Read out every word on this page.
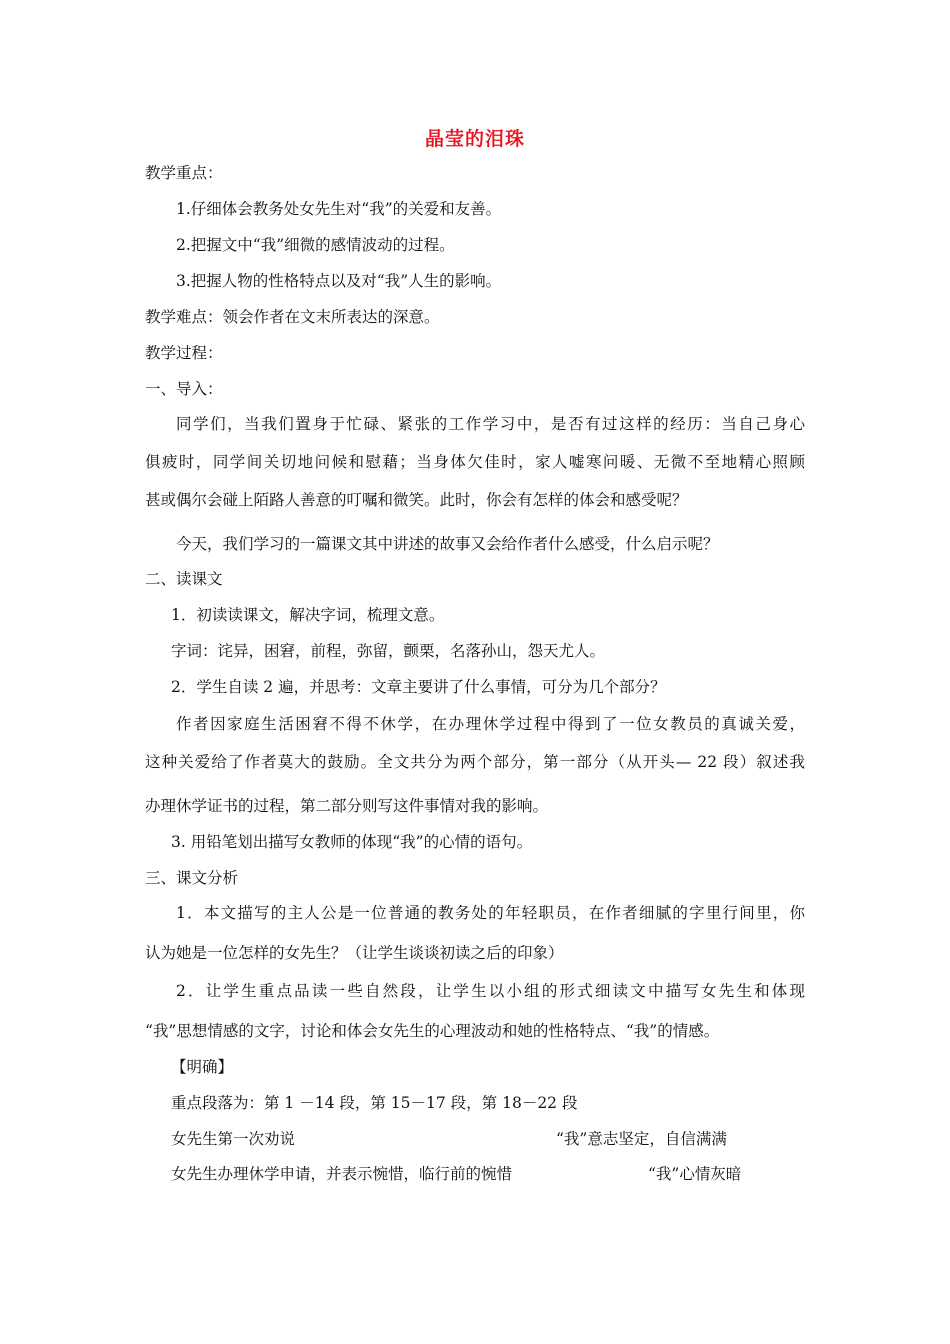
晶莹的泪珠
教学重点：
1.仔细体会教务处女先生对“我”的关爱和友善。
2.把握文中“我”细微的感情波动的过程。
3.把握人物的性格特点以及对“我”人生的影响。
教学难点：领会作者在文末所表达的深意。
教学过程：
一、导入：
同学们，当我们置身于忙碌、紧张的工作学习中，是否有过这样的经历：当自己身心
俱疲时，同学间关切地问候和慰藉；当身体欠佳时，家人嘘寒问暖、无微不至地精心照顾
甚或偶尔会碰上陌路人善意的叮嘱和微笑。此时，你会有怎样的体会和感受呢？
今天，我们学习的一篇课文其中讲述的故事又会给作者什么感受，什么启示呢？
二、读课文
1．初读读课文，解决字词，梳理文意。
字词：诧异，困窘，前程，弥留，颤栗，名落孙山，怨天尤人。
2．学生自读 2 遍，并思考：文章主要讲了什么事情，可分为几个部分？
作者因家庭生活困窘不得不休学，在办理休学过程中得到了一位女教员的真诚关爱，
这种关爱给了作者莫大的鼓励。全文共分为两个部分，第一部分（从开头— 22 段）叙述我
办理休学证书的过程，第二部分则写这件事情对我的影响。
3. 用铅笔划出描写女教师的体现“我”的心情的语句。
三、课文分析
1．本文描写的主人公是一位普通的教务处的年轻职员，在作者细腻的字里行间里，你
认为她是一位怎样的女先生？（让学生谈谈初读之后的印象）
2．让学生重点品读一些自然段，让学生以小组的形式细读文中描写女先生和体现
“我”思想情感的文字，讨论和体会女先生的心理波动和她的性格特点、“我”的情感。
【明确】
重点段落为：第 1 －14 段，第 15－17 段，第 18－22 段
女先生第一次劝说	“我”意志坚定，自信满满
女先生办理休学申请，并表示惋惜，临行前的惋惜	“我”心情灰暗
